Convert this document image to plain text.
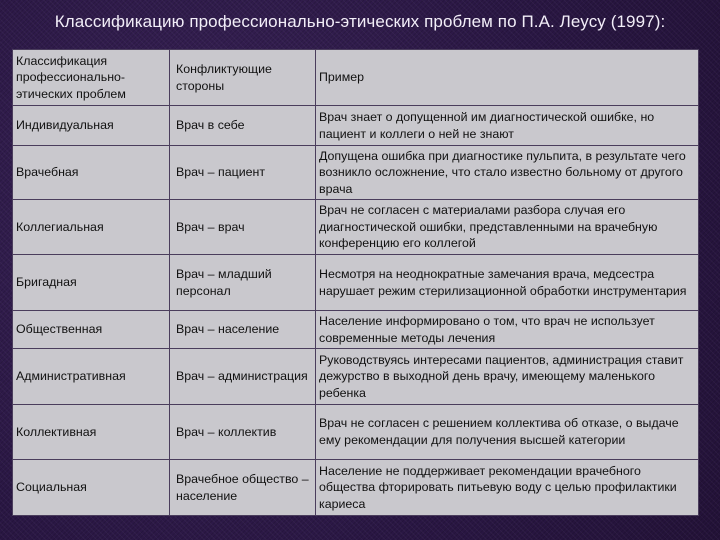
Классификацию профессионально-этических проблем по П.А. Леусу (1997):
Классификация профессионально-этических проблем	Конфликтующие стороны	Пример
Индивидуальная	Врач в себе	Врач знает о допущенной им диагностической ошибке, но пациент и коллеги о ней не знают
Врачебная	Врач – пациент	Допущена ошибка при диагностике пульпита, в результате чего возникло осложнение, что стало известно больному от другого врача
Коллегиальная	Врач – врач	Врач не согласен с материалами разбора случая его диагностической ошибки, представленными на врачебную конференцию его коллегой
Бригадная	Врач – младший персонал	Несмотря на неоднократные замечания врача, медсестра нарушает режим стерилизационной обработки инструментария
Общественная	Врач – население	Население информировано о том, что врач не использует современные методы лечения
Административная	Врач – администрация	Руководствуясь интересами пациентов, администрация ставит дежурство в выходной день врачу, имеющему маленького ребенка
Коллективная	Врач – коллектив	Врач не согласен с решением коллектива об отказе, о выдаче ему рекомендации для получения высшей категории
Социальная	Врачебное общество – население	Население не поддерживает рекомендации врачебного общества фторировать питьевую воду с целью профилактики кариеса
